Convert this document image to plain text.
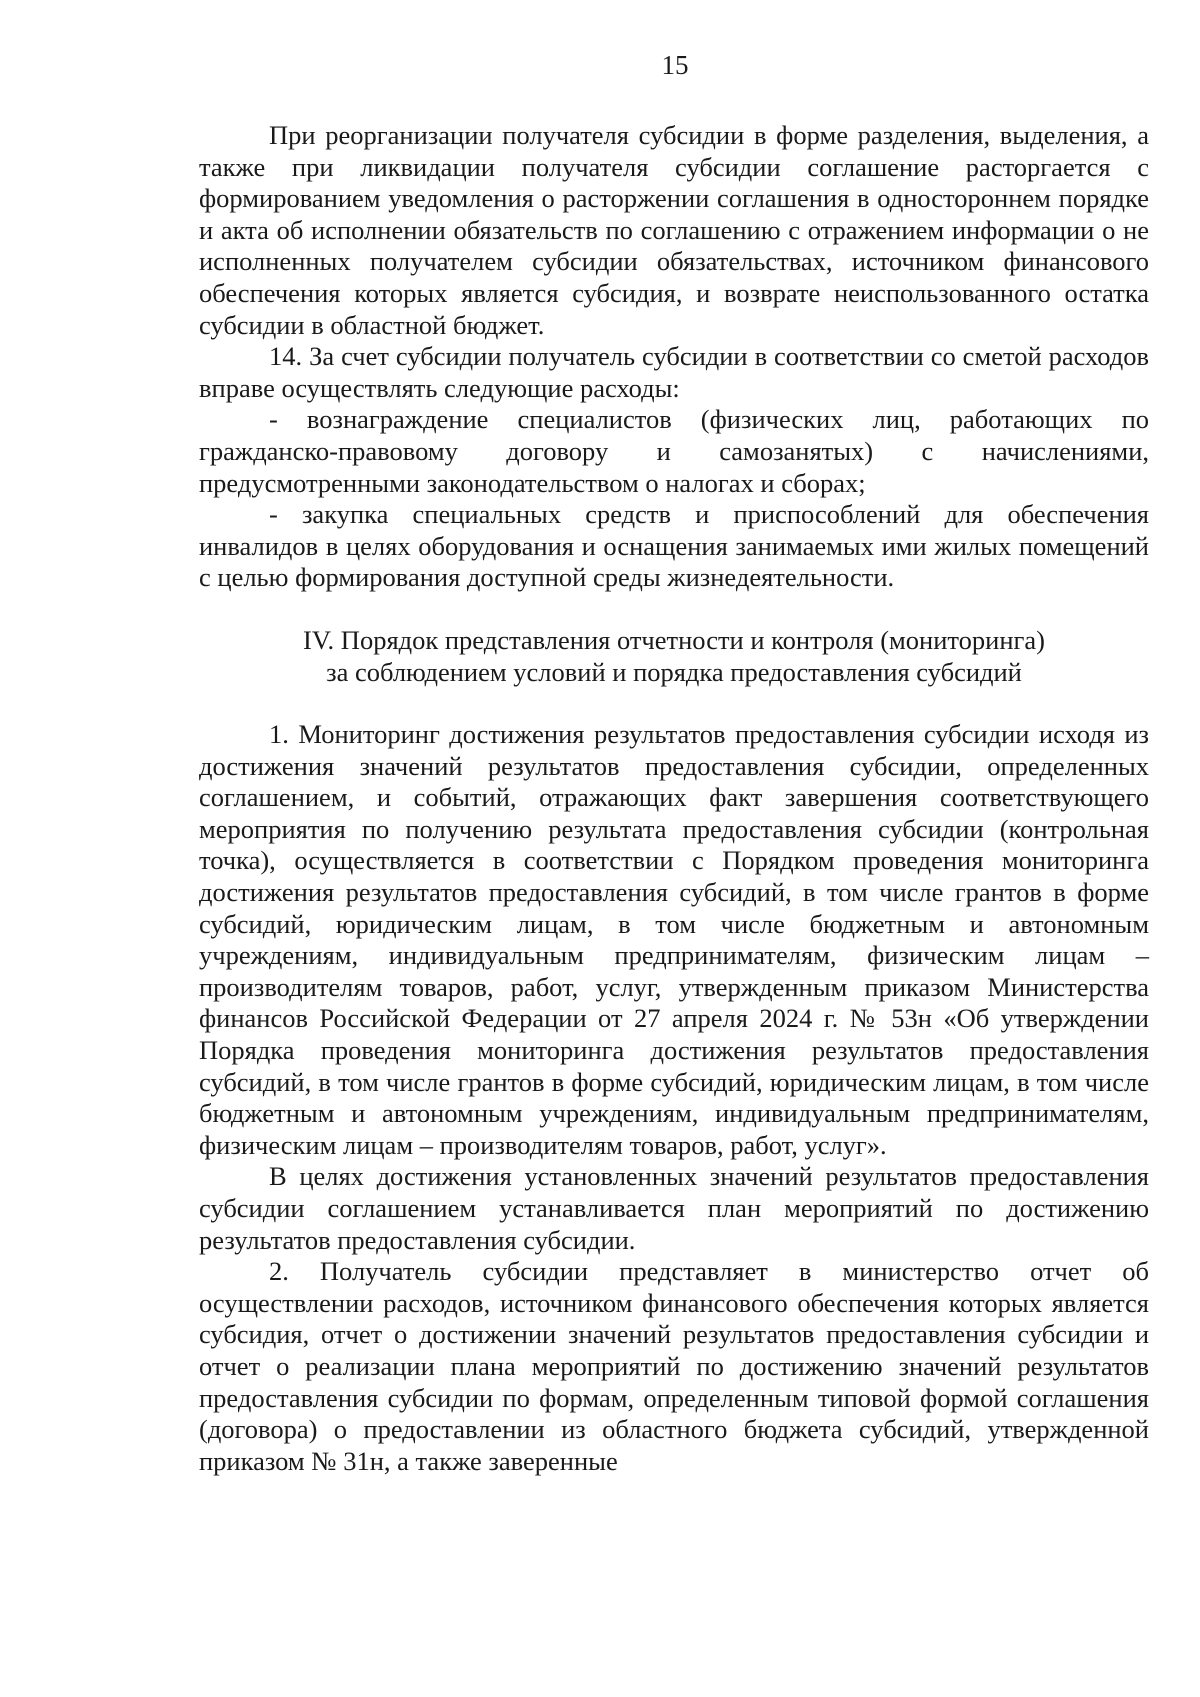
15

При реорганизации получателя субсидии в форме разделения, выделения, а также при ликвидации получателя субсидии соглашение расторгается с формированием уведомления о расторжении соглашения в одностороннем порядке и акта об исполнении обязательств по соглашению с отражением информации о не исполненных получателем субсидии обязательствах, источником финансового обеспечения которых является субсидия, и возврате неиспользованного остатка субсидии в областной бюджет.

14. За счет субсидии получатель субсидии в соответствии со сметой расходов вправе осуществлять следующие расходы:

- вознаграждение специалистов (физических лиц, работающих по гражданско-правовому договору и самозанятых) с начислениями, предусмотренными законодательством о налогах и сборах;

- закупка специальных средств и приспособлений для обеспечения инвалидов в целях оборудования и оснащения занимаемых ими жилых помещений с целью формирования доступной среды жизнедеятельности.

IV. Порядок представления отчетности и контроля (мониторинга)
за соблюдением условий и порядка предоставления субсидий

1. Мониторинг достижения результатов предоставления субсидии исходя из достижения значений результатов предоставления субсидии, определенных соглашением, и событий, отражающих факт завершения соответствующего мероприятия по получению результата предоставления субсидии (контрольная точка), осуществляется в соответствии с Порядком проведения мониторинга достижения результатов предоставления субсидий, в том числе грантов в форме субсидий, юридическим лицам, в том числе бюджетным и автономным учреждениям, индивидуальным предпринимателям, физическим лицам – производителям товаров, работ, услуг, утвержденным приказом Министерства финансов Российской Федерации от 27 апреля 2024 г. № 53н «Об утверждении Порядка проведения мониторинга достижения результатов предоставления субсидий, в том числе грантов в форме субсидий, юридическим лицам, в том числе бюджетным и автономным учреждениям, индивидуальным предпринимателям, физическим лицам – производителям товаров, работ, услуг».

В целях достижения установленных значений результатов предоставления субсидии соглашением устанавливается план мероприятий по достижению результатов предоставления субсидии.

2. Получатель субсидии представляет в министерство отчет об осуществлении расходов, источником финансового обеспечения которых является субсидия, отчет о достижении значений результатов предоставления субсидии и отчет о реализации плана мероприятий по достижению значений результатов предоставления субсидии по формам, определенным типовой формой соглашения (договора) о предоставлении из областного бюджета субсидий, утвержденной приказом № 31н, а также заверенные
